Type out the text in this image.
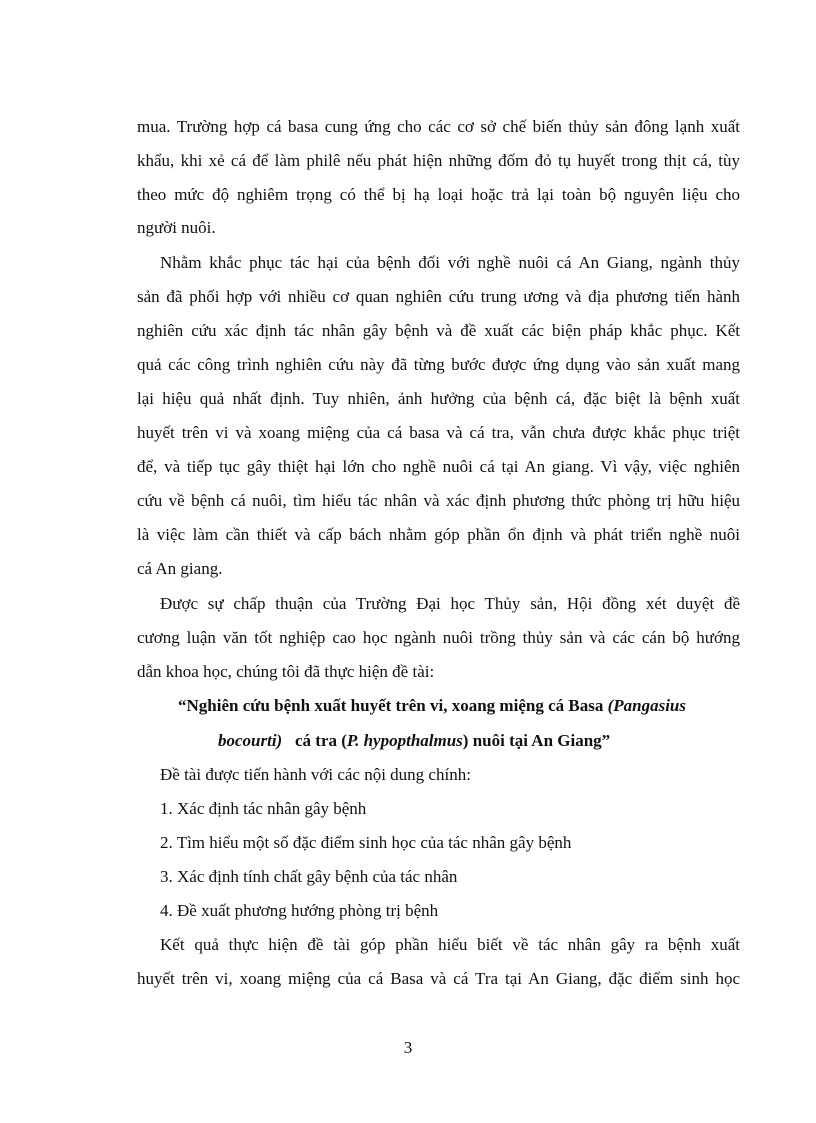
mua. Trường hợp cá basa cung ứng cho các cơ sở chế biến thủy sản đông lạnh xuất
khẩu, khi xẻ cá để làm philê nếu phát hiện những đốm đỏ tụ huyết trong thịt cá, tùy
theo mức độ nghiêm trọng có thể bị hạ loại hoặc trả lại toàn bộ nguyên liệu cho
người nuôi.
Nhằm khắc phục tác hại của bệnh đối với nghề nuôi cá An Giang, ngành thủy
sản đã phối hợp với nhiều cơ quan nghiên cứu trung ương và địa phương tiến hành
nghiên cứu xác định tác nhân gây bệnh và đề xuất các biện pháp khắc phục. Kết
quả các công trình nghiên cứu này đã từng bước được ứng dụng vào sản xuất mang
lại hiệu quả nhất định. Tuy nhiên, ảnh hưởng của bệnh cá, đặc biệt là bệnh xuất
huyết trên vi và xoang miệng của cá basa và cá tra, vẫn chưa được khắc phục triệt
để, và tiếp tục gây thiệt hại lớn cho nghề nuôi cá tại An giang. Vì vậy, việc nghiên
cứu về bệnh cá nuôi, tìm hiểu tác nhân và xác định phương thức phòng trị hữu hiệu
là việc làm cần thiết và cấp bách nhằm góp phần ổn định và phát triển nghề nuôi
cá An giang.
Được sự chấp thuận của Trường Đại học Thủy sản, Hội đồng xét duyệt đề
cương luận văn tốt nghiệp cao học ngành nuôi trồng thủy sản và các cán bộ hướng
dẫn khoa học, chúng tôi đã thực hiện đề tài:
“Nghiên cứu bệnh xuất huyết trên vi, xoang miệng cá Basa (Pangasius
bocourti)   cá tra (P. hypopthalmus) nuôi tại An Giang”
Đề tài được tiến hành với các nội dung chính:
1. Xác định tác nhân gây bệnh
2. Tìm hiểu một số đặc điểm sinh học của tác nhân gây bệnh
3. Xác định tính chất gây bệnh của tác nhân
4. Đề xuất phương hướng phòng trị bệnh
Kết quả thực hiện đề tài góp phần hiểu biết về tác nhân gây ra bệnh xuất
huyết trên vi, xoang miệng của cá Basa và cá Tra tại An Giang, đặc điểm sinh học
3
